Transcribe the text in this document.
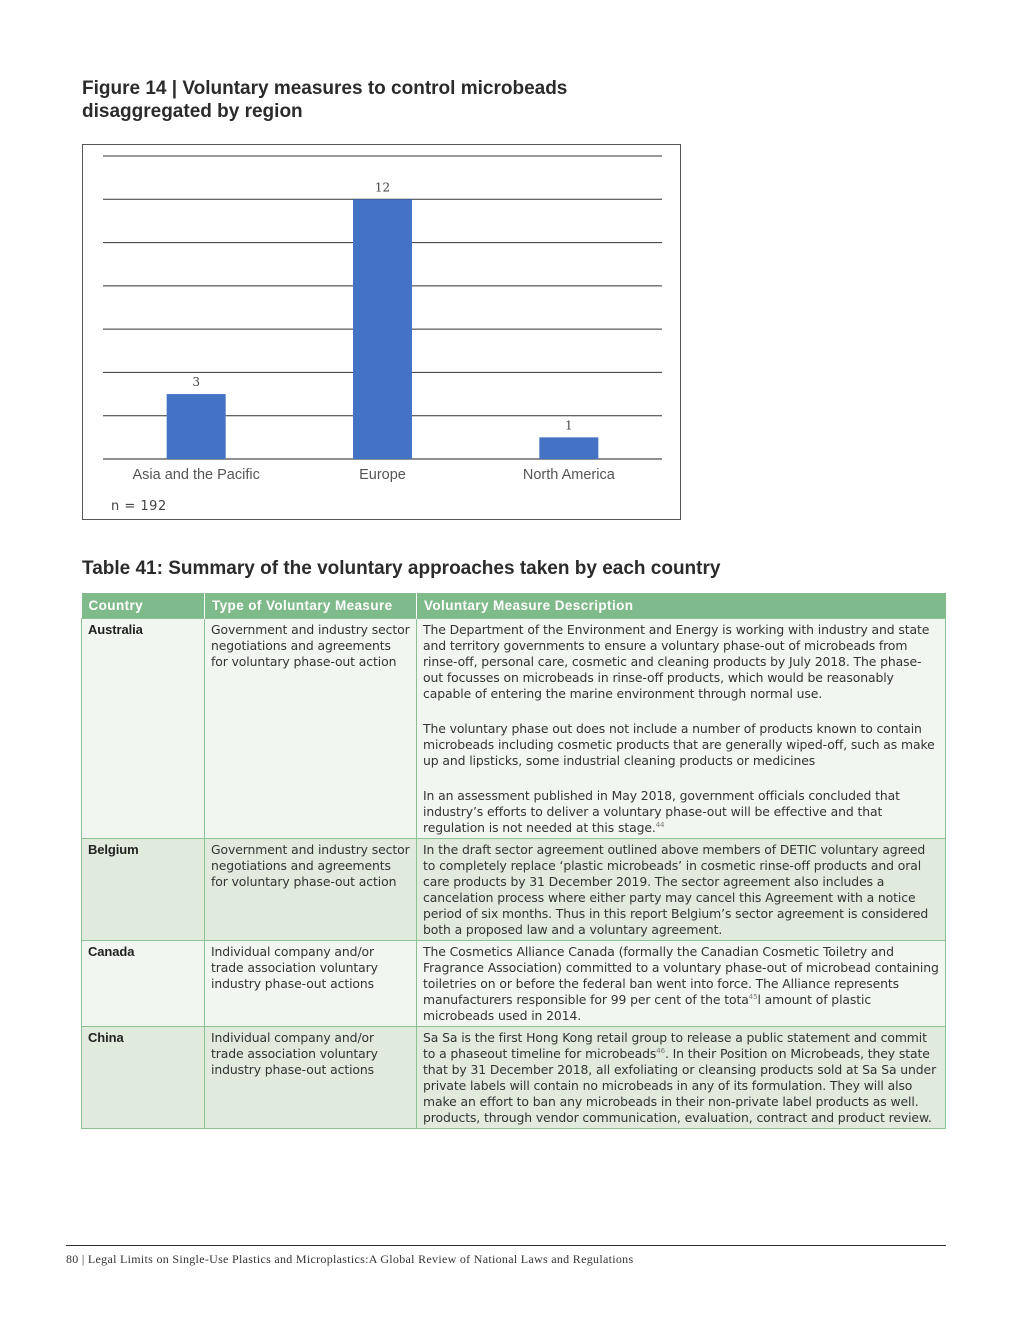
Figure 14 | Voluntary measures to control microbeads disaggregated by region
3
Asia and the Pacific
12
Europe
1
North America
n = 192
Table 41: Summary of the voluntary approaches taken by each country
Country	Type of Voluntary Measure	Voluntary Measure Description
Australia	Government and industry sector negotiations and agreements for voluntary phase-out action	The Department of the Environment and Energy is working with industry and state and territory governments to ensure a voluntary phase-out of microbeads from rinse-off, personal care, cosmetic and cleaning products by July 2018. The phase-out focusses on microbeads in rinse-off products, which would be reasonably capable of entering the marine environment through normal use.
The voluntary phase out does not include a number of products known to contain microbeads including cosmetic products that are generally wiped-off, such as make up and lipsticks, some industrial cleaning products or medicines
In an assessment published in May 2018, government officials concluded that industry’s efforts to deliver a voluntary phase-out will be effective and that regulation is not needed at this stage.$^{44}$

Belgium	Government and industry sector negotiations and agreements for voluntary phase-out action	In the draft sector agreement outlined above members of DETIC voluntary agreed to completely replace ‘plastic microbeads’ in cosmetic rinse-off products and oral care products by 31 December 2019. The sector agreement also includes a cancelation process where either party may cancel this Agreement with a notice period of six months. Thus in this report Belgium’s sector agreement is considered both a proposed law and a voluntary agreement.

Canada	Individual company and/or trade association voluntary industry phase-out actions	The Cosmetics Alliance Canada (formally the Canadian Cosmetic Toiletry and Fragrance Association) committed to a voluntary phase-out of microbead containing toiletries on or before the federal ban went into force. The Alliance represents manufacturers responsible for 99 per cent of the tota$^{45}$l amount of plastic microbeads used in 2014.

China	Individual company and/or trade association voluntary industry phase-out actions	Sa Sa is the first Hong Kong retail group to release a public statement and commit to a phaseout timeline for microbeads$^{46}$. In their Position on Microbeads, they state that by 31 December 2018, all exfoliating or cleansing products sold at Sa Sa under private labels will contain no microbeads in any of its formulation. They will also make an effort to ban any microbeads in their non-private label products as well. products, through vendor communication, evaluation, contract and product review.
80 | Legal Limits on Single-Use Plastics and Microplastics:A Global Review of National Laws and Regulations
